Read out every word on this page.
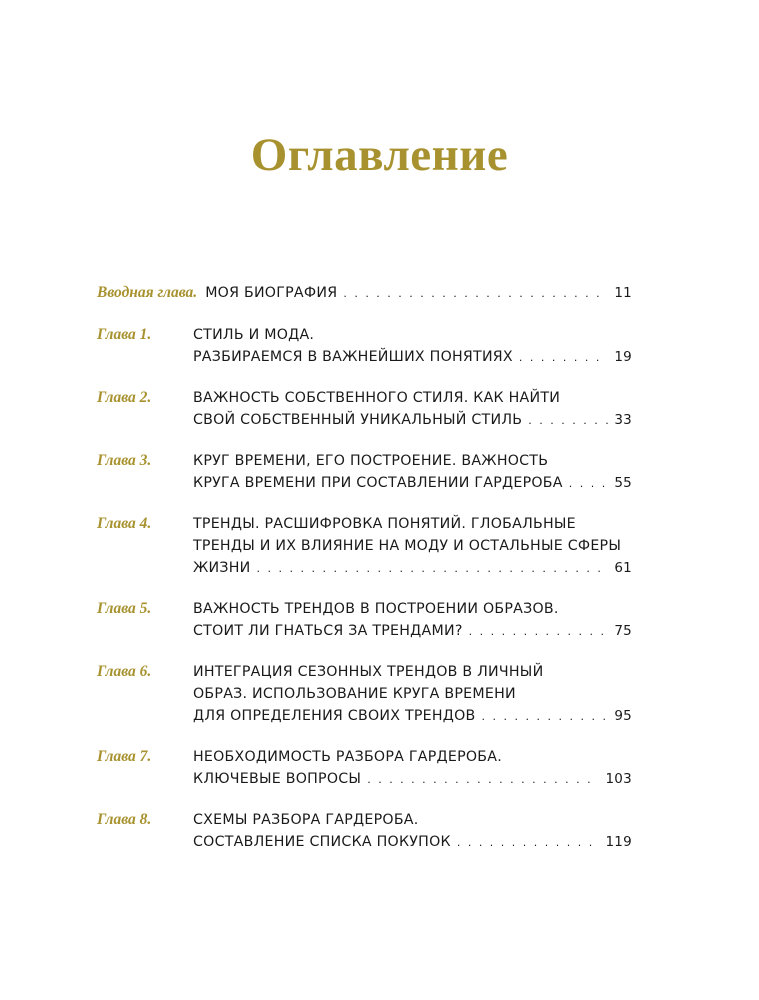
Оглавление
Вводная глава. МОЯ БИОГРАФИЯ . . .	11
Глава 1.	СТИЛЬ И МОДА.
РАЗБИРАЕМСЯ В ВАЖНЕЙШИХ ПОНЯТИЯХ . . .	19
Глава 2.	ВАЖНОСТЬ СОБСТВЕННОГО СТИЛЯ. КАК НАЙТИ
СВОЙ СОБСТВЕННЫЙ УНИКАЛЬНЫЙ СТИЛЬ . . .	33
Глава 3.	КРУГ ВРЕМЕНИ, ЕГО ПОСТРОЕНИЕ. ВАЖНОСТЬ
КРУГА ВРЕМЕНИ ПРИ СОСТАВЛЕНИИ ГАРДЕРОБА . . .	55
Глава 4.	ТРЕНДЫ. РАСШИФРОВКА ПОНЯТИЙ. ГЛОБАЛЬНЫЕ
ТРЕНДЫ И ИХ ВЛИЯНИЕ НА МОДУ И ОСТАЛЬНЫЕ СФЕРЫ
ЖИЗНИ . . .	61
Глава 5.	ВАЖНОСТЬ ТРЕНДОВ В ПОСТРОЕНИИ ОБРАЗОВ.
СТОИТ ЛИ ГНАТЬСЯ ЗА ТРЕНДАМИ? . . .	75
Глава 6.	ИНТЕГРАЦИЯ СЕЗОННЫХ ТРЕНДОВ В ЛИЧНЫЙ
ОБРАЗ. ИСПОЛЬЗОВАНИЕ КРУГА ВРЕМЕНИ
ДЛЯ ОПРЕДЕЛЕНИЯ СВОИХ ТРЕНДОВ . . .	95
Глава 7.	НЕОБХОДИМОСТЬ РАЗБОРА ГАРДЕРОБА.
КЛЮЧЕВЫЕ ВОПРОСЫ . . .	103
Глава 8.	СХЕМЫ РАЗБОРА ГАРДЕРОБА.
СОСТАВЛЕНИЕ СПИСКА ПОКУПОК . . .	119
